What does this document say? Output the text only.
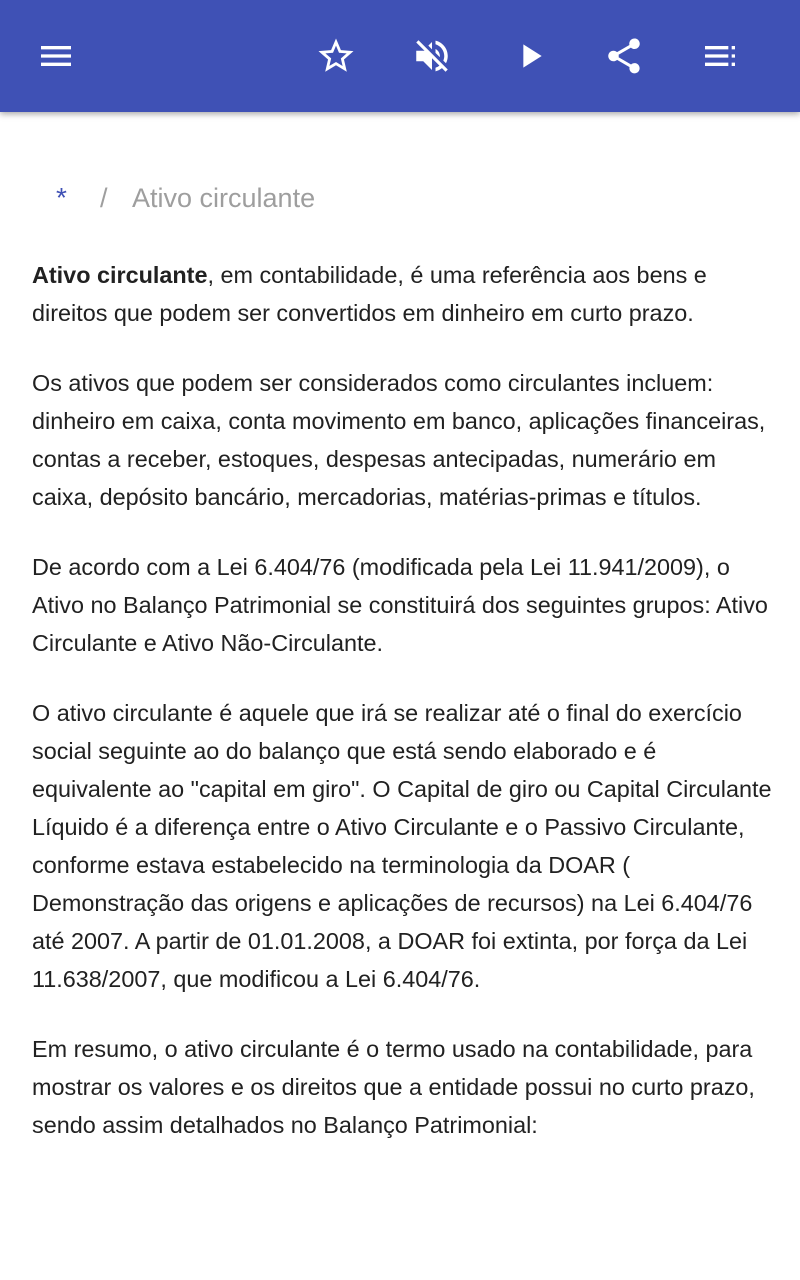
*	/ Ativo circulante

Ativo circulante, em contabilidade, é uma referência aos bens e direitos que podem ser convertidos em dinheiro em curto prazo.

Os ativos que podem ser considerados como circulantes incluem: dinheiro em caixa, conta movimento em banco, aplicações financeiras, contas a receber, estoques, despesas antecipadas, numerário em caixa, depósito bancário, mercadorias, matérias-primas e títulos.

De acordo com a Lei 6.404/76 (modificada pela Lei 11.941/2009), o Ativo no Balanço Patrimonial se constituirá dos seguintes grupos: Ativo Circulante e Ativo Não-Circulante.

O ativo circulante é aquele que irá se realizar até o final do exercício social seguinte ao do balanço que está sendo elaborado e é equivalente ao "capital em giro". O Capital de giro ou Capital Circulante Líquido é a diferença entre o Ativo Circulante e o Passivo Circulante, conforme estava estabelecido na terminologia da DOAR ( Demonstração das origens e aplicações de recursos) na Lei 6.404/76 até 2007. A partir de 01.01.2008, a DOAR foi extinta, por força da Lei 11.638/2007, que modificou a Lei 6.404/76.

Em resumo, o ativo circulante é o termo usado na contabilidade, para mostrar os valores e os direitos que a entidade possui no curto prazo, sendo assim detalhados no Balanço Patrimonial:
